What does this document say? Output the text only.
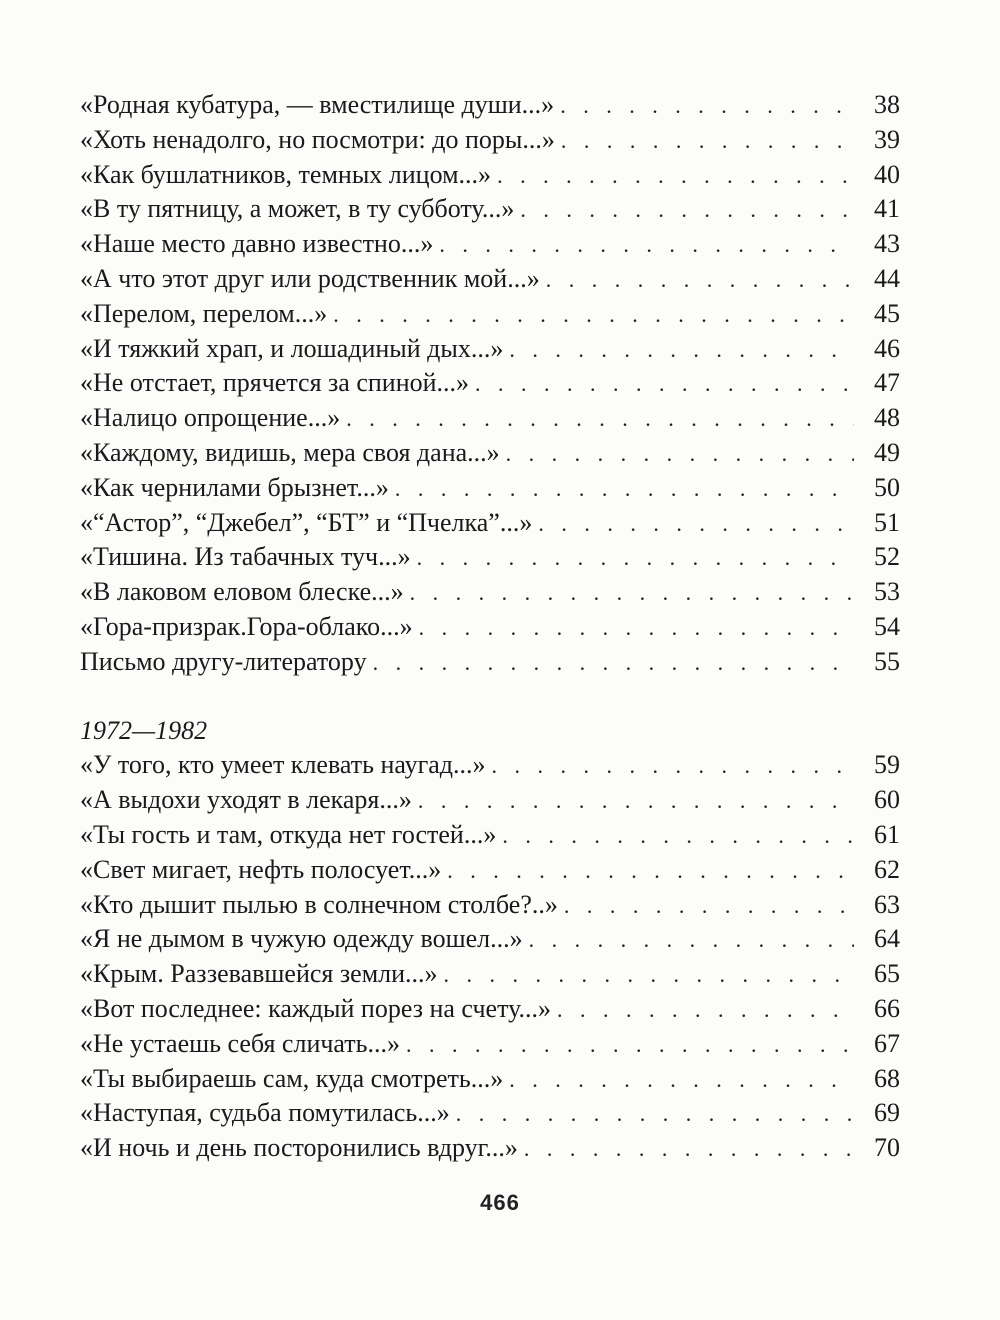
«Родная кубатура, — вместилище души...» . . .	38
«Хоть ненадолго, но посмотри: до поры...» . . .	39
«Как бушлатников, темных лицом...» . . .	40
«В ту пятницу, а может, в ту субботу...» . . .	41
«Наше место давно известно...» . . .	43
«А что этот друг или родственник мой...» . . .	44
«Перелом, перелом...» . . .	45
«И тяжкий храп, и лошадиный дых...» . . .	46
«Не отстает, прячется за спиной...» . . .	47
«Налицо опрощение...» . . .	48
«Каждому, видишь, мера своя дана...» . . .	49
«Как чернилами брызнет...» . . .	50
«“Астор”, “Джебел”, “БТ” и “Пчелка”...» . . .	51
«Тишина. Из табачных туч...» . . .	52
«В лаковом еловом блеске...» . . .	53
«Гора-призрак.Гора-облако...» . . .	54
Письмо другу-литератору . . .	55
1972—1982
«У того, кто умеет клевать наугад...» . . .	59
«А выдохи уходят в лекаря...» . . .	60
«Ты гость и там, откуда нет гостей...» . . .	61
«Свет мигает, нефть полосует...» . . .	62
«Кто дышит пылью в солнечном столбе?..» . . .	63
«Я не дымом в чужую одежду вошел...» . . .	64
«Крым. Раззевавшейся земли...» . . .	65
«Вот последнее: каждый порез на счету...» . . .	66
«Не устаешь себя сличать...» . . .	67
«Ты выбираешь сам, куда смотреть...» . . .	68
«Наступая, судьба помутилась...» . . .	69
«И ночь и день посторонились вдруг...» . . .	70
466
